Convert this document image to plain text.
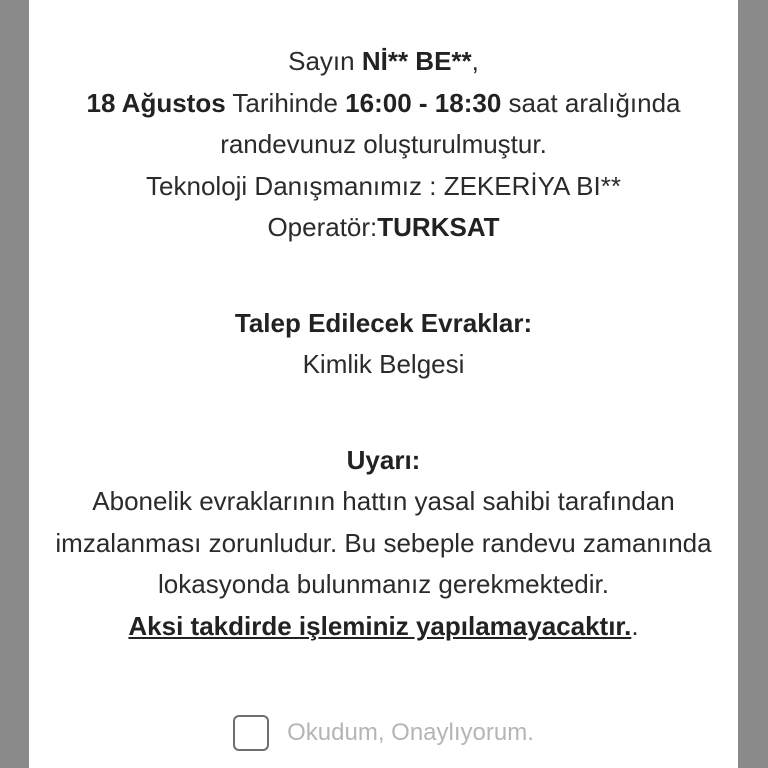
Sayın Nİ** BE**,
18 Ağustos Tarihinde 16:00 - 18:30 saat aralığında
randevunuz oluşturulmuştur.
Teknoloji Danışmanımız : ZEKERİYA BI**
Operatör:TURKSAT
Talep Edilecek Evraklar:
Kimlik Belgesi
Uyarı:
Abonelik evraklarının hattın yasal sahibi tarafından
imzalanması zorunludur. Bu sebeple randevu zamanında
lokasyonda bulunmanız gerekmektedir.
Aksi takdirde işleminiz yapılamayacaktır..
Okudum, Onaylıyorum.
